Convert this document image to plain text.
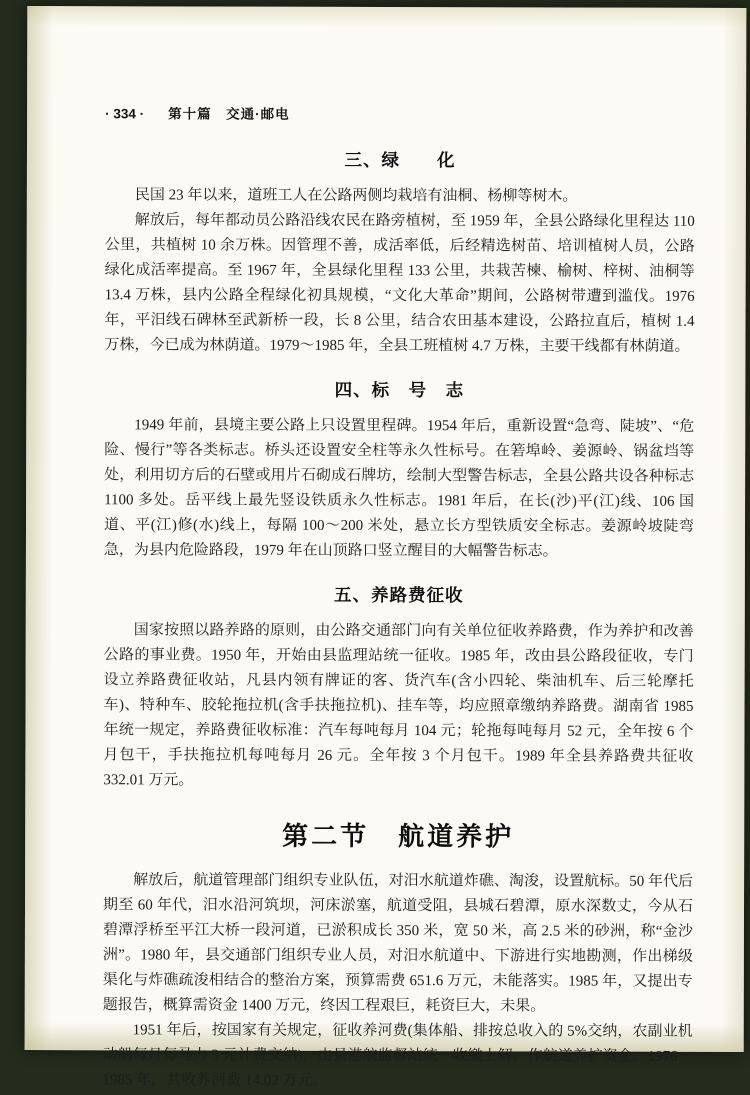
· 334 · 第十篇　交通·邮电
三、绿　　化

民国 23 年以来，道班工人在公路两侧均栽培有油桐、杨柳等树木。

解放后，每年都动员公路沿线农民在路旁植树，至 1959 年，全县公路绿化里程达 110 公里，共植树 10 余万株。因管理不善，成活率低，后经精选树苗、培训植树人员，公路绿化成活率提高。至 1967 年，全县绿化里程 133 公里，共栽苦楝、榆树、梓树、油桐等 13.4 万株，县内公路全程绿化初具规模，“文化大革命”期间，公路树带遭到滥伐。1976 年，平汨线石碑林至武新桥一段，长 8 公里，结合农田基本建设，公路拉直后，植树 1.4 万株，今已成为林荫道。1979～1985 年，全县工班植树 4.7 万株，主要干线都有林荫道。

四、标　号　志

1949 年前，县境主要公路上只设置里程碑。1954 年后，重新设置“急弯、陡坡”、“危险、慢行”等各类标志。桥头还设置安全柱等永久性标号。在箬埠岭、姜源岭、锅盆垱等处，利用切方后的石壁或用片石砌成石牌坊，绘制大型警告标志，全县公路共设各种标志 1100 多处。岳平线上最先竖设铁质永久性标志。1981 年后，在长(沙)平(江)线、106 国道、平(江)修(水)线上，每隔 100～200 米处，悬立长方型铁质安全标志。姜源岭坡陡弯急，为县内危险路段，1979 年在山顶路口竖立醒目的大幅警告标志。

五、养路费征收

国家按照以路养路的原则，由公路交通部门向有关单位征收养路费，作为养护和改善公路的事业费。1950 年，开始由县监理站统一征收。1985 年，改由县公路段征收，专门设立养路费征收站，凡县内领有牌证的客、货汽车(含小四轮、柴油机车、后三轮摩托车)、特种车、胶轮拖拉机(含手扶拖拉机)、挂车等，均应照章缴纳养路费。湖南省 1985 年统一规定，养路费征收标准：汽车每吨每月 104 元；轮拖每吨每月 52 元，全年按 6 个月包干，手扶拖拉机每吨每月 26 元。全年按 3 个月包干。1989 年全县养路费共征收 332.01 万元。

第二节　航道养护

解放后，航道管理部门组织专业队伍，对汨水航道炸礁、淘浚，设置航标。50 年代后期至 60 年代，汨水沿河筑坝，河床淤塞，航道受阻，县城石碧潭，原水深数丈，今从石碧潭浮桥至平江大桥一段河道，已淤积成长 350 米，宽 50 米，高 2.5 米的砂洲，称“金沙洲”。1980 年，县交通部门组织专业人员，对汨水航道中、下游进行实地勘测，作出梯级渠化与炸礁疏浚相结合的整治方案，预算需费 651.6 万元，未能落实。1985 年，又提出专题报告，概算需资金 1400 万元，终因工程艰巨，耗资巨大，未果。

1951 年后，按国家有关规定，征收养河费(集体船、排按总收入的 5%交纳，农副业机动船每月每马力 3 元计费交纳)，由县港航监督站统一收缴上解，作航道养护资金。1976～1985 年，共收养河费 14.02 万元。
